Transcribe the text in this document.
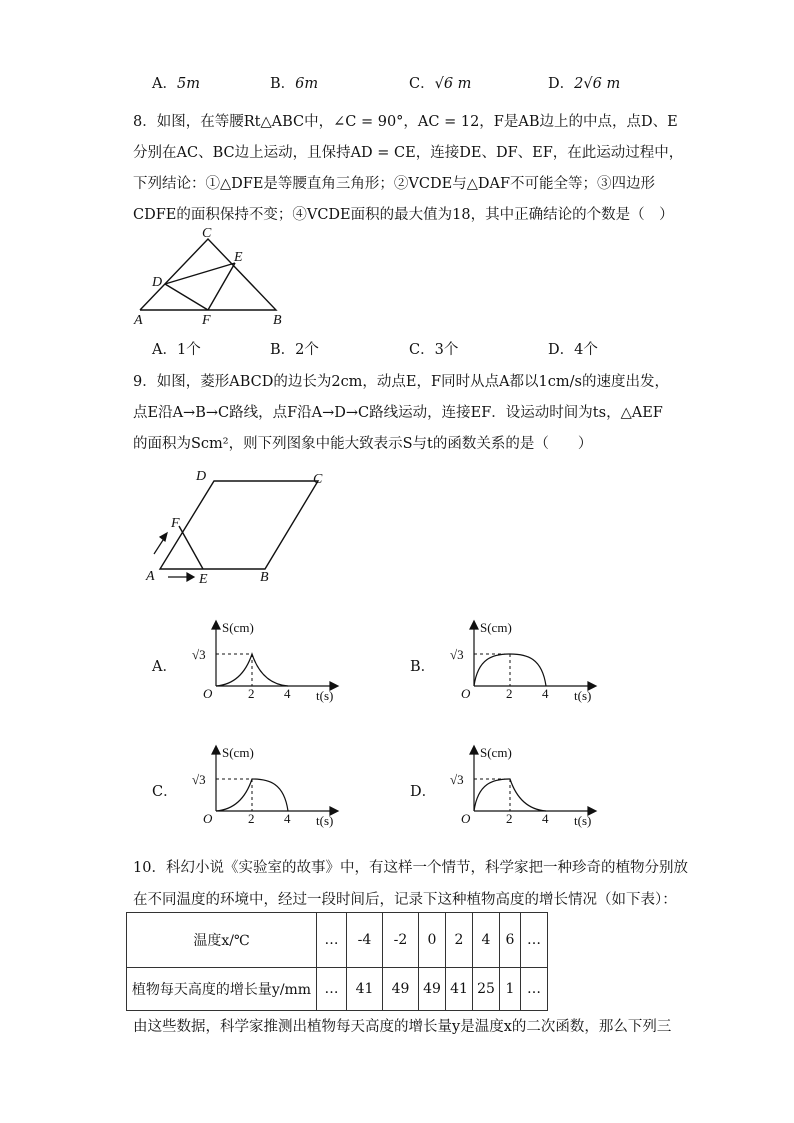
A．5m	B．6m	C．√6 m	D．2√6 m
8．如图，在等腰Rt△ABC中，∠C = 90°，AC = 12，F是AB边上的中点，点D、E
分别在AC、BC边上运动，且保持AD = CE，连接DE、DF、EF，在此运动过程中，
下列结论：①△DFE是等腰直角三角形；②VCDE与△DAF不可能全等；③四边形
CDFE的面积保持不变；④VCDE面积的最大值为18，其中正确结论的个数是（　）
C
E
D
A	F	B
A．1个	B．2个	C．3个	D．4个
9．如图，菱形ABCD的边长为2cm，动点E，F同时从点A都以1cm/s的速度出发，
点E沿A→B→C路线，点F沿A→D→C路线运动，连接EF．设运动时间为ts，△AEF
的面积为Scm²，则下列图象中能大致表示S与t的函数关系的是（　　）
D	C
F
A	E	B
A．	B．
C．	D．
S(cm)
t(s)
O
√3
2 4
S(cm)
t(s)
O
√3
2 4
S(cm)
t(s)
O
√3
2 4
S(cm)
t(s)
O
√3
2 4
10．科幻小说《实验室的故事》中，有这样一个情节，科学家把一种珍奇的植物分别放
在不同温度的环境中，经过一段时间后，记录下这种植物高度的增长情况（如下表）：
温度x/℃	…	-4	-2	0	2	4	6	…
植物每天高度的增长量y/mm	…	41	49	49	41	25	1	…
由这些数据，科学家推测出植物每天高度的增长量y是温度x的二次函数，那么下列三
